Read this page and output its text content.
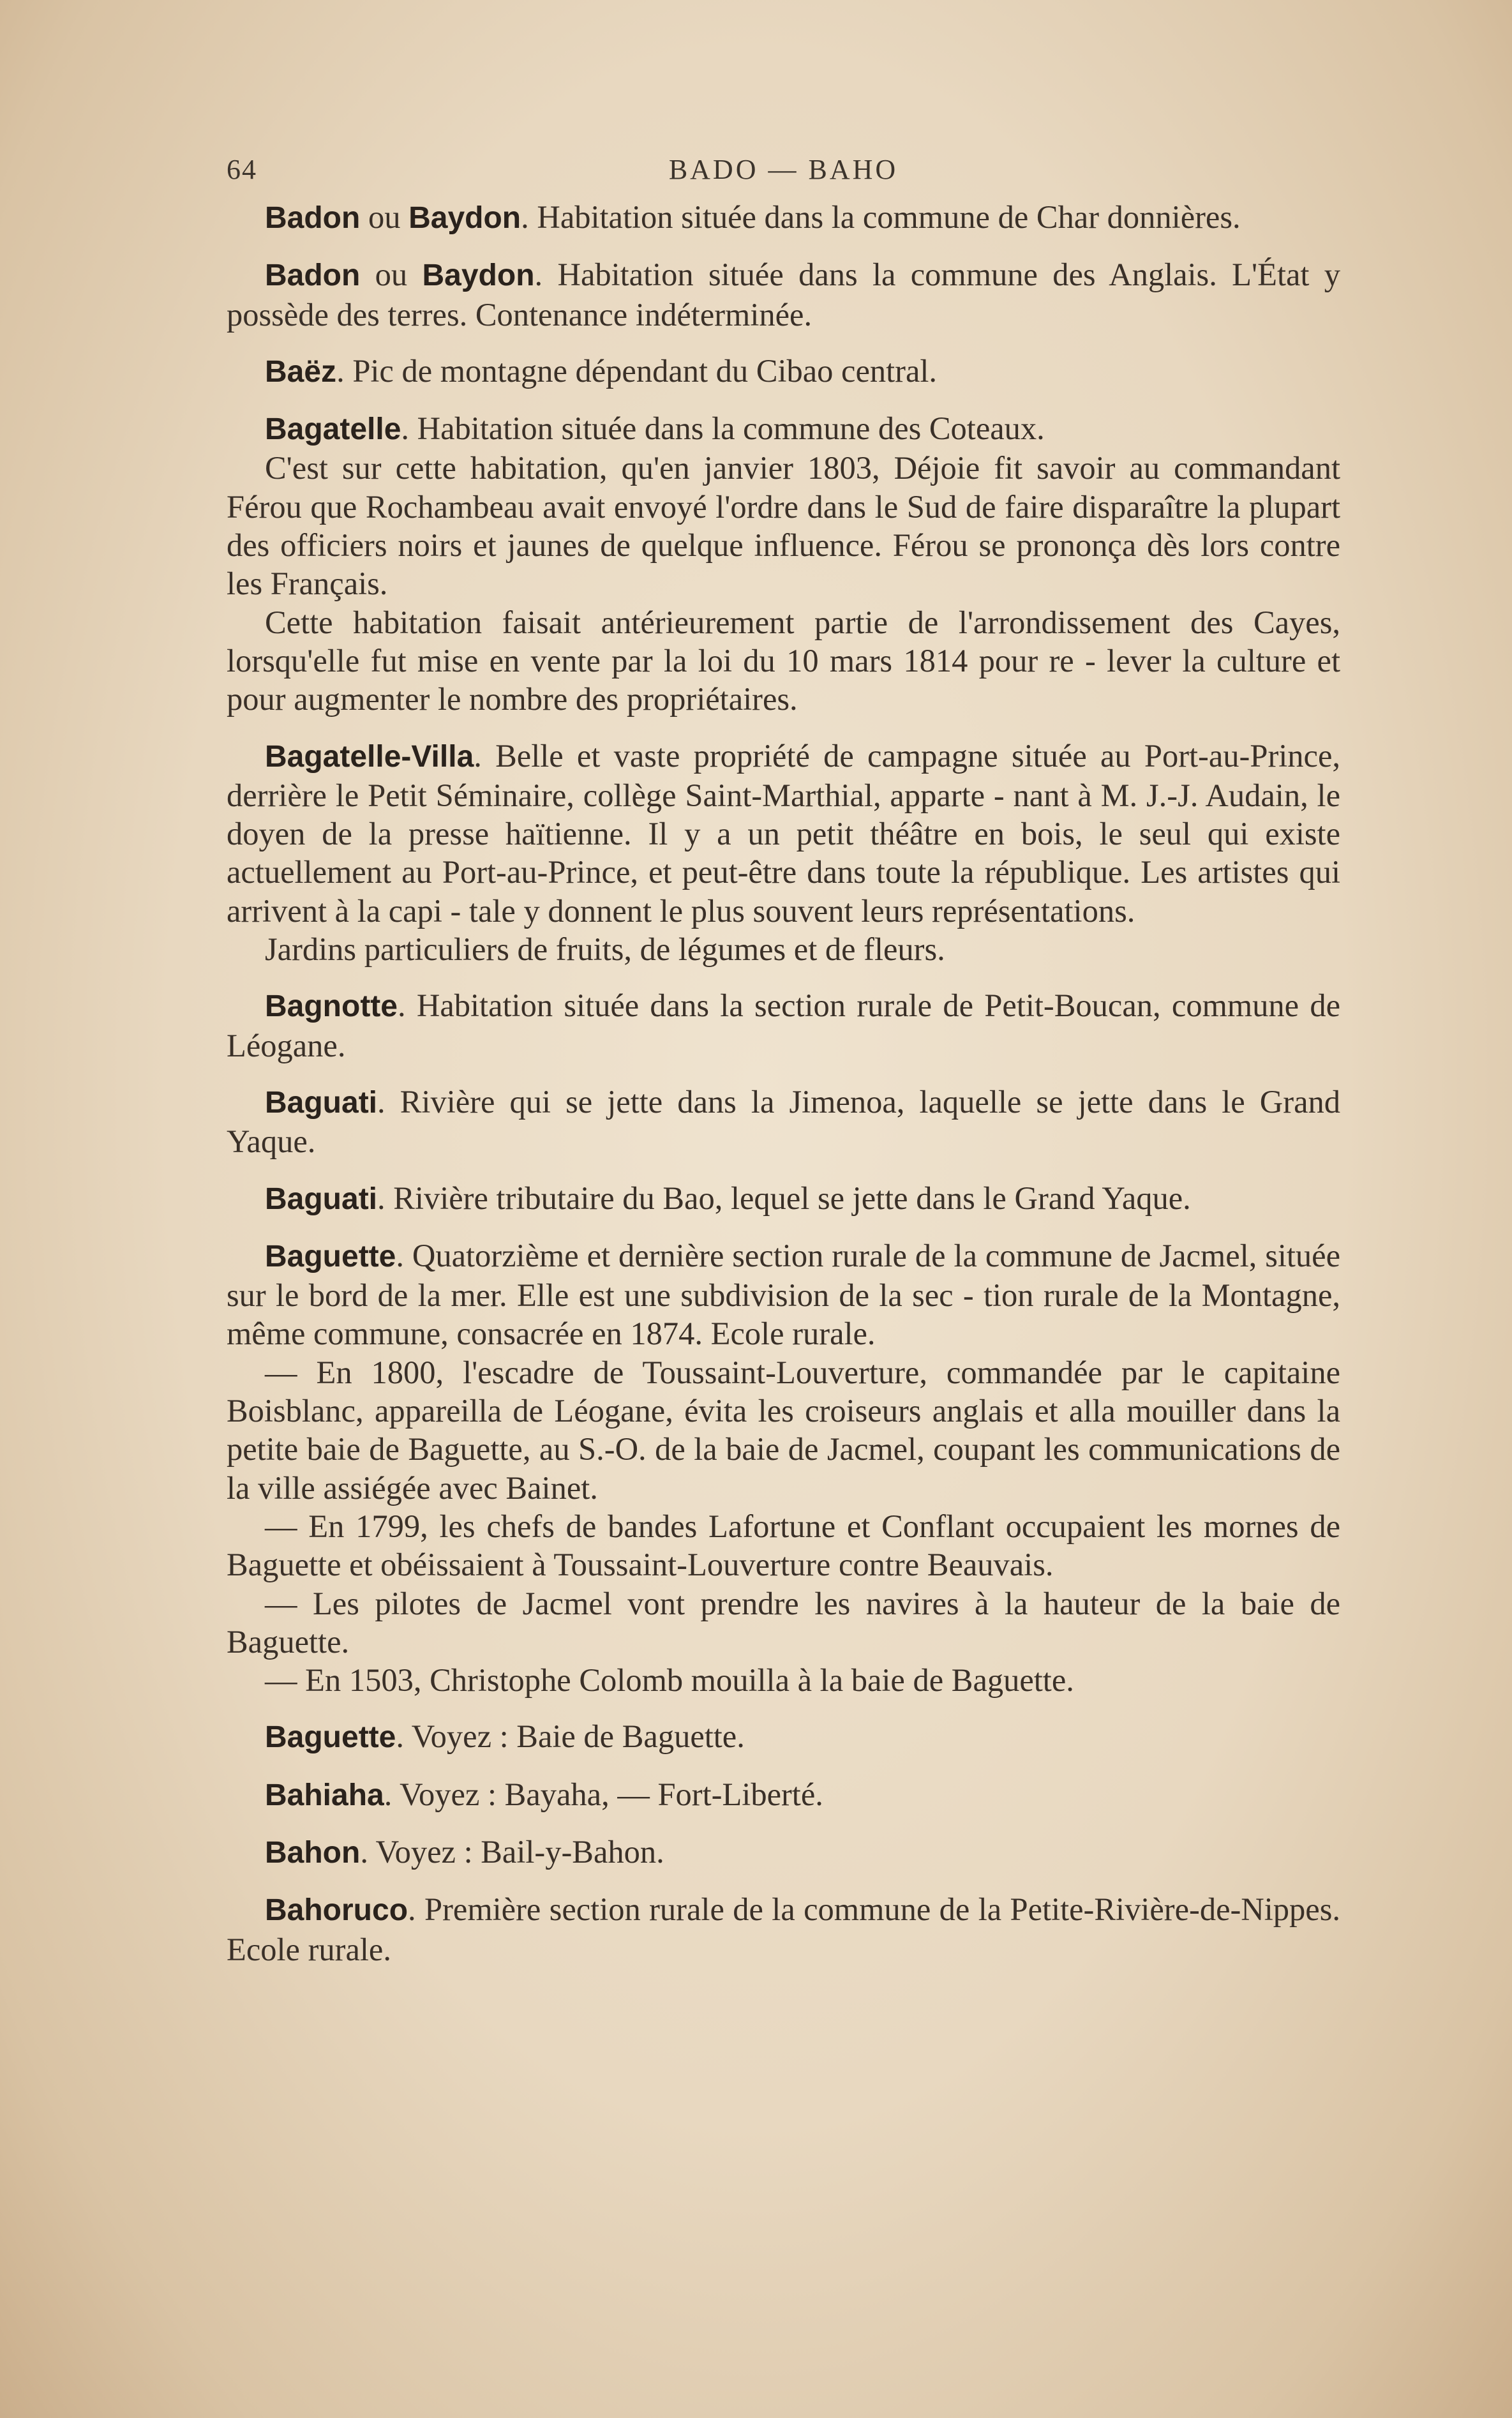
64	BADO — BAHO

Badon ou Baydon. Habitation située dans la commune de Char donnières.

Badon ou Baydon. Habitation située dans la commune des Anglais. L'État y possède des terres. Contenance indéterminée.

Baëz. Pic de montagne dépendant du Cibao central.

Bagatelle. Habitation située dans la commune des Coteaux.

C'est sur cette habitation, qu'en janvier 1803, Déjoie fit savoir au commandant Férou que Rochambeau avait envoyé l'ordre dans le Sud de faire disparaître la plupart des officiers noirs et jaunes de quelque influence. Férou se prononça dès lors contre les Français.

Cette habitation faisait antérieurement partie de l'arrondissement des Cayes, lorsqu'elle fut mise en vente par la loi du 10 mars 1814 pour re - lever la culture et pour augmenter le nombre des propriétaires.

Bagatelle-Villa. Belle et vaste propriété de campagne située au Port-au-Prince, derrière le Petit Séminaire, collège Saint-Marthial, apparte - nant à M. J.-J. Audain, le doyen de la presse haïtienne. Il y a un petit théâtre en bois, le seul qui existe actuellement au Port-au-Prince, et peut-être dans toute la république. Les artistes qui arrivent à la capi - tale y donnent le plus souvent leurs représentations.

Jardins particuliers de fruits, de légumes et de fleurs.

Bagnotte. Habitation située dans la section rurale de Petit-Boucan, commune de Léogane.

Baguati. Rivière qui se jette dans la Jimenoa, laquelle se jette dans le Grand Yaque.

Baguati. Rivière tributaire du Bao, lequel se jette dans le Grand Yaque.

Baguette. Quatorzième et dernière section rurale de la commune de Jacmel, située sur le bord de la mer. Elle est une subdivision de la sec - tion rurale de la Montagne, même commune, consacrée en 1874. Ecole rurale.

— En 1800, l'escadre de Toussaint-Louverture, commandée par le capitaine Boisblanc, appareilla de Léogane, évita les croiseurs anglais et alla mouiller dans la petite baie de Baguette, au S.-O. de la baie de Jacmel, coupant les communications de la ville assiégée avec Bainet.

— En 1799, les chefs de bandes Lafortune et Conflant occupaient les mornes de Baguette et obéissaient à Toussaint-Louverture contre Beauvais.

— Les pilotes de Jacmel vont prendre les navires à la hauteur de la baie de Baguette.

— En 1503, Christophe Colomb mouilla à la baie de Baguette.

Baguette. Voyez : Baie de Baguette.

Bahiaha. Voyez : Bayaha, — Fort-Liberté.

Bahon. Voyez : Bail-y-Bahon.

Bahoruco. Première section rurale de la commune de la Petite-Rivière-de-Nippes. Ecole rurale.
